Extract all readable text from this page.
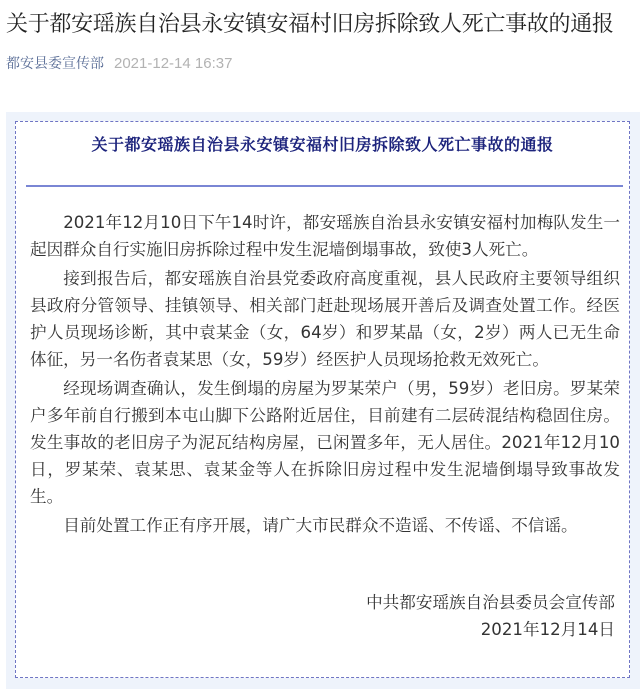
关于都安瑶族自治县永安镇安福村旧房拆除致人死亡事故的通报
都安县委宣传部 2021-12-14 16:37
关于都安瑶族自治县永安镇安福村旧房拆除致人死亡事故的通报

2021年12月10日下午14时许，都安瑶族自治县永安镇安福村加梅队发生一起因群众自行实施旧房拆除过程中发生泥墙倒塌事故，致使3人死亡。

接到报告后，都安瑶族自治县党委政府高度重视，县人民政府主要领导组织县政府分管领导、挂镇领导、相关部门赶赴现场展开善后及调查处置工作。经医护人员现场诊断，其中袁某金（女，64岁）和罗某晶（女，2岁）两人已无生命体征，另一名伤者袁某思（女，59岁）经医护人员现场抢救无效死亡。

经现场调查确认，发生倒塌的房屋为罗某荣户（男，59岁）老旧房。罗某荣户多年前自行搬到本屯山脚下公路附近居住，目前建有二层砖混结构稳固住房。发生事故的老旧房子为泥瓦结构房屋，已闲置多年，无人居住。2021年12月10日，罗某荣、袁某思、袁某金等人在拆除旧房过程中发生泥墙倒塌导致事故发生。

目前处置工作正有序开展，请广大市民群众不造谣、不传谣、不信谣。

中共都安瑶族自治县委员会宣传部
2021年12月14日
